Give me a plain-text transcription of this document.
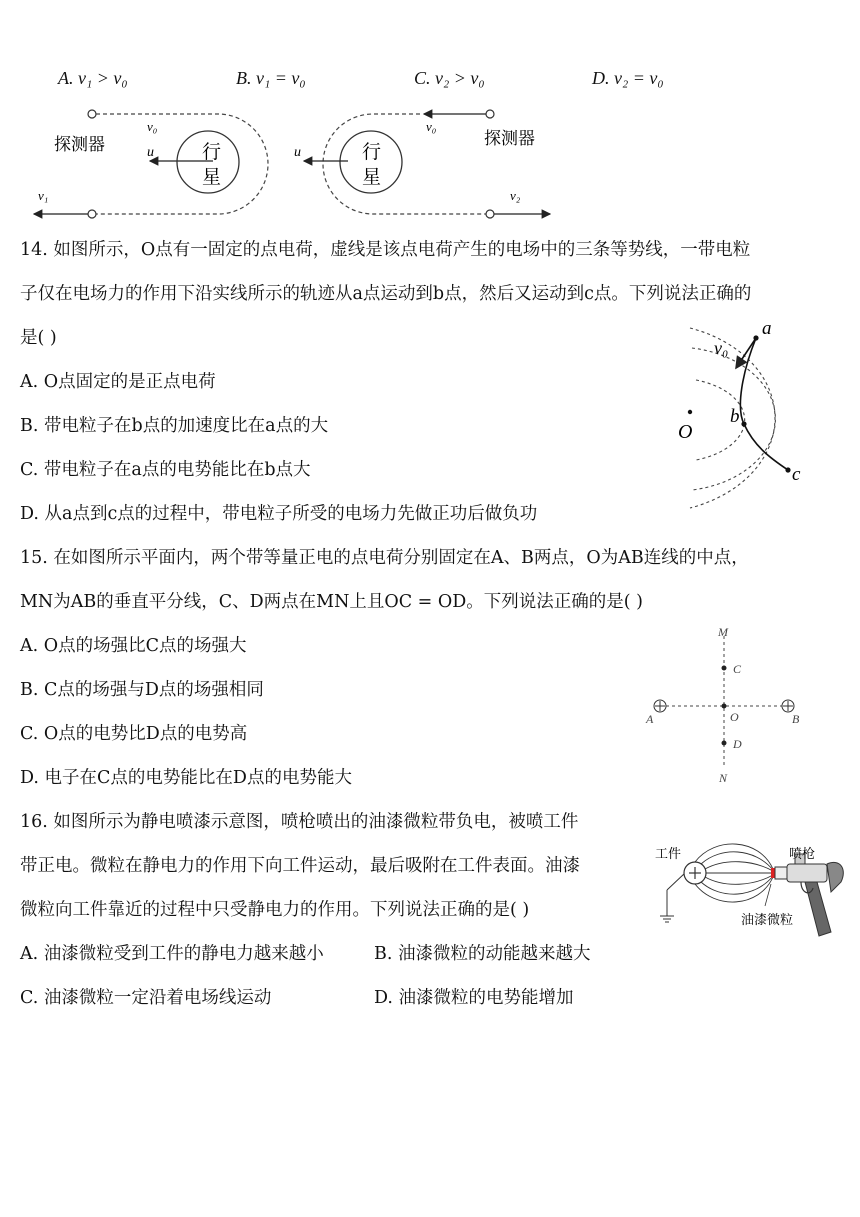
A. v₁ > v₀	B. v₁ = v₀	C. v₂ > v₀	D. v₂ = v₀
探测器
v₀
u	行
星
v₁
探测器
v₀
u	行
星
v₂
14. 如图所示，O点有一固定的点电荷，虚线是该点电荷产生的电场中的三条等势线，一带电粒
子仅在电场力的作用下沿实线所示的轨迹从a点运动到b点，然后又运动到c点。下列说法正确的
是( )
A. O点固定的是正点电荷
B. 带电粒子在b点的加速度比在a点的大
C. 带电粒子在a点的电势能比在b点大
D. 从a点到c点的过程中，带电粒子所受的电场力先做正功后做负功
a
b
c
O
v₀
15. 在如图所示平面内，两个带等量正电的点电荷分别固定在A、B两点，O为AB连线的中点，
MN为AB的垂直平分线，C、D两点在MN上且OC = OD。下列说法正确的是( )
A. O点的场强比C点的场强大
B. C点的场强与D点的场强相同
C. O点的电势比D点的电势高
D. 电子在C点的电势能比在D点的电势能大
M
N
A	B
C
D
O
16. 如图所示为静电喷漆示意图，喷枪喷出的油漆微粒带负电，被喷工件
带正电。微粒在静电力的作用下向工件运动，最后吸附在工件表面。油漆
微粒向工件靠近的过程中只受静电力的作用。下列说法正确的是( )
A. 油漆微粒受到工件的静电力越来越小	B. 油漆微粒的动能越来越大
C. 油漆微粒一定沿着电场线运动	D. 油漆微粒的电势能增加
工件	喷枪
油漆微粒
